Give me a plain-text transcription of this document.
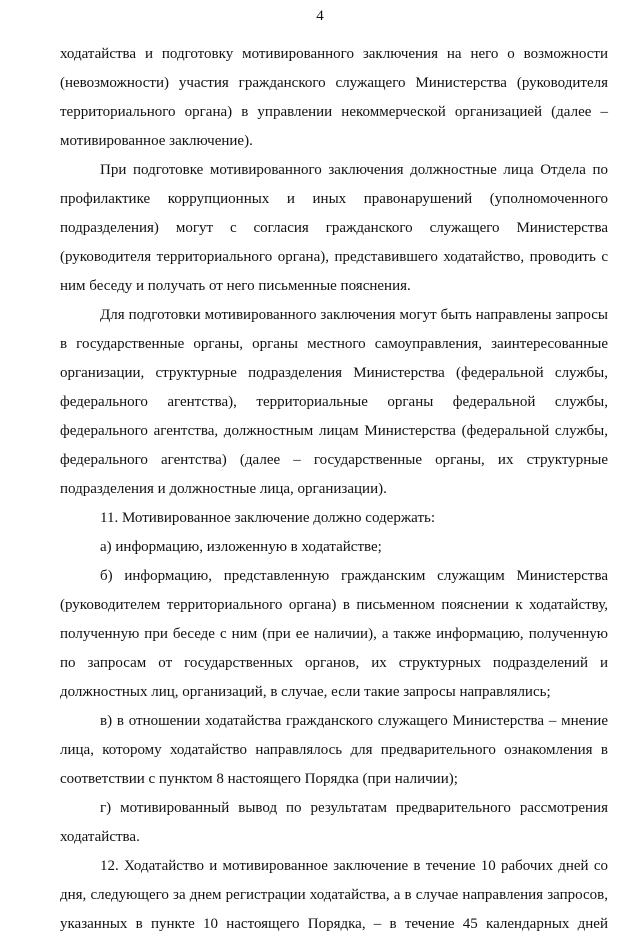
4

ходатайства и подготовку мотивированного заключения на него о возможности (невозможности) участия гражданского служащего Министерства (руководителя территориального органа) в управлении некоммерческой организацией (далее – мотивированное заключение).

При подготовке мотивированного заключения должностные лица Отдела по профилактике коррупционных и иных правонарушений (уполномоченного подразделения) могут с согласия гражданского служащего Министерства (руководителя территориального органа), представившего ходатайство, проводить с ним беседу и получать от него письменные пояснения.

Для подготовки мотивированного заключения могут быть направлены запросы в государственные органы, органы местного самоуправления, заинтересованные организации, структурные подразделения Министерства (федеральной службы, федерального агентства), территориальные органы федеральной службы, федерального агентства, должностным лицам Министерства (федеральной службы, федерального агентства) (далее – государственные органы, их структурные подразделения и должностные лица, организации).

11. Мотивированное заключение должно содержать:

а) информацию, изложенную в ходатайстве;

б) информацию, представленную гражданским служащим Министерства (руководителем территориального органа) в письменном пояснении к ходатайству, полученную при беседе с ним (при ее наличии), а также информацию, полученную по запросам от государственных органов, их структурных подразделений и должностных лиц, организаций, в случае, если такие запросы направлялись;

в) в отношении ходатайства гражданского служащего Министерства – мнение лица, которому ходатайство направлялось для предварительного ознакомления в соответствии с пунктом 8 настоящего Порядка (при наличии);

г) мотивированный вывод по результатам предварительного рассмотрения ходатайства.

12. Ходатайство и мотивированное заключение в течение 10 рабочих дней со дня, следующего за днем регистрации ходатайства, а в случае направления запросов, указанных в пункте 10 настоящего Порядка, – в течение 45 календарных дней
